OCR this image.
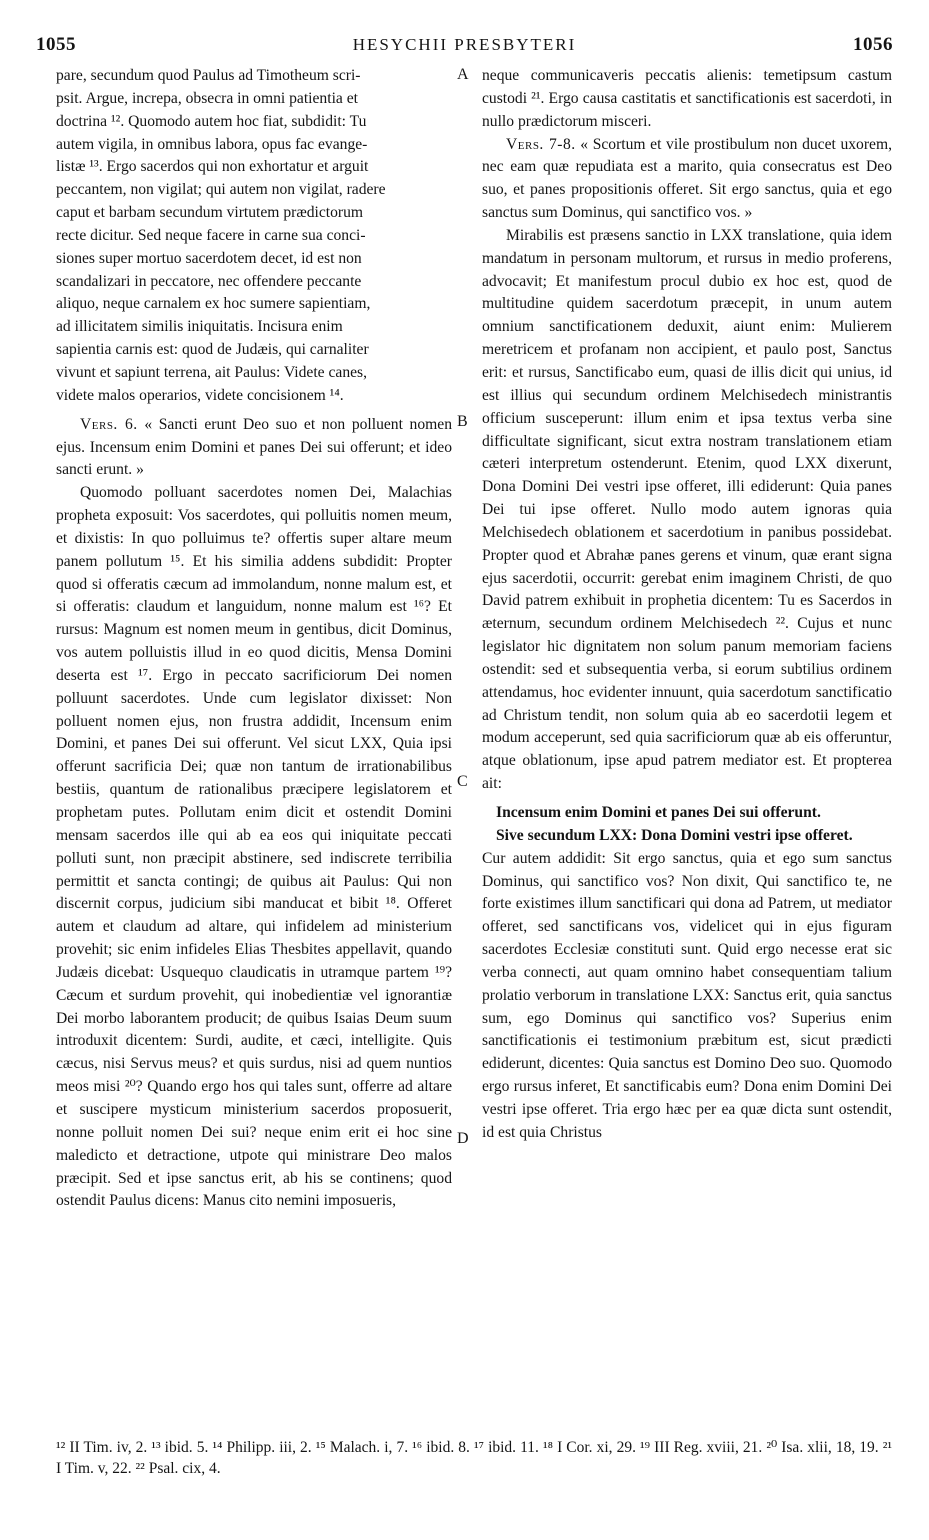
1055	HESYCHII PRESBYTERI	1056
A
B
C
D
pare, secundum quod Paulus ad Timotheum scri-
psit. Argue, increpa, obsecra in omni patientia et
doctrina ¹². Quomodo autem hoc fiat, subdidit: Tu
autem vigila, in omnibus labora, opus fac evange-
listæ ¹³. Ergo sacerdos qui non exhortatur et arguit
peccantem, non vigilat; qui autem non vigilat, radere
caput et barbam secundum virtutem prædictorum
recte dicitur. Sed neque facere in carne sua conci-
siones super mortuo sacerdotem decet, id est non
scandalizari in peccatore, nec offendere peccante
aliquo, neque carnalem ex hoc sumere sapientiam,
ad illicitatem similis iniquitatis. Incisura enim
sapientia carnis est: quod de Judæis, qui carnaliter
vivunt et sapiunt terrena, ait Paulus: Videte canes,
videte malos operarios, videte concisionem ¹⁴.

Vers. 6. « Sancti erunt Deo suo et non polluent nomen ejus. Incensum enim Domini et panes Dei sui offerunt; et ideo sancti erunt. »

Quomodo polluant sacerdotes nomen Dei, Malachias propheta exposuit: Vos sacerdotes, qui polluitis nomen meum, et dixistis: In quo polluimus te? offertis super altare meum panem pollutum ¹⁵. Et his similia addens subdidit: Propter quod si offeratis cæcum ad immolandum, nonne malum est, et si offeratis: claudum et languidum, nonne malum est ¹⁶? Et rursus: Magnum est nomen meum in gentibus, dicit Dominus, vos autem polluistis illud in eo quod dicitis, Mensa Domini deserta est ¹⁷. Ergo in peccato sacrificiorum Dei nomen polluunt sacerdotes. Unde cum legislator dixisset: Non polluent nomen ejus, non frustra addidit, Incensum enim Domini, et panes Dei sui offerunt. Vel sicut LXX, Quia ipsi offerunt sacrificia Dei; quæ non tantum de irrationabilibus bestiis, quantum de rationalibus præcipere legislatorem et prophetam putes. Pollutam enim dicit et ostendit Domini mensam sacerdos ille qui ab ea eos qui iniquitate peccati polluti sunt, non præcipit abstinere, sed indiscrete terribilia permittit et sancta contingi; de quibus ait Paulus: Qui non discernit corpus, judicium sibi manducat et bibit ¹⁸. Offeret autem et claudum ad altare, qui infidelem ad ministerium provehit; sic enim infideles Elias Thesbites appellavit, quando Judæis dicebat: Usquequo claudicatis in utramque partem ¹⁹? Cæcum et surdum provehit, qui inobedientiæ vel ignorantiæ Dei morbo laborantem producit; de quibus Isaias Deum suum introduxit dicentem: Surdi, audite, et cæci, intelligite. Quis cæcus, nisi Servus meus? et quis surdus, nisi ad quem nuntios meos misi ²⁰? Quando ergo hos qui tales sunt, offerre ad altare et suscipere mysticum ministerium sacerdos proposuerit, nonne polluit nomen Dei sui? neque enim erit ei hoc sine maledicto et detractione, utpote qui ministrare Deo malos præcipit. Sed et ipse sanctus erit, ab his se continens; quod ostendit Paulus dicens: Manus cito nemini imposueris,

neque communicaveris peccatis alienis: temetipsum castum custodi ²¹. Ergo causa castitatis et sanctificationis est sacerdoti, in nullo prædictorum misceri.

Vers. 7-8. « Scortum et vile prostibulum non ducet uxorem, nec eam quæ repudiata est a marito, quia consecratus est Deo suo, et panes propositionis offeret. Sit ergo sanctus, quia et ego sanctus sum Dominus, qui sanctifico vos. »

Mirabilis est præsens sanctio in LXX translatione, quia idem mandatum in personam multorum, et rursus in medio proferens, advocavit; Et manifestum procul dubio ex hoc est, quod de multitudine quidem sacerdotum præcepit, in unum autem omnium sanctificationem deduxit, aiunt enim: Mulierem meretricem et profanam non accipient, et paulo post, Sanctus erit: et rursus, Sanctificabo eum, quasi de illis dicit qui unius, id est illius qui secundum ordinem Melchisedech ministrantis officium susceperunt: illum enim et ipsa textus verba sine difficultate significant, sicut extra nostram translationem etiam cæteri interpretum ostenderunt. Etenim, quod LXX dixerunt, Dona Domini Dei vestri ipse offeret, illi ediderunt: Quia panes Dei tui ipse offeret. Nullo modo autem ignoras quia Melchisedech oblationem et sacerdotium in panibus possidebat. Propter quod et Abrahæ panes gerens et vinum, quæ erant signa ejus sacerdotii, occurrit: gerebat enim imaginem Christi, de quo David patrem exhibuit in prophetia dicentem: Tu es Sacerdos in æternum, secundum ordinem Melchisedech ²². Cujus et nunc legislator hic dignitatem non solum panum memoriam faciens ostendit: sed et subsequentia verba, si eorum subtilius ordinem attendamus, hoc evidenter innuunt, quia sacerdotum sanctificatio ad Christum tendit, non solum quia ab eo sacerdotii legem et modum acceperunt, sed quia sacrificiorum quæ ab eis offeruntur, atque oblationum, ipse apud patrem mediator est. Et propterea ait:

Incensum enim Domini et panes Dei sui offerunt.

Sive secundum LXX: Dona Domini vestri ipse offeret.

Cur autem addidit: Sit ergo sanctus, quia et ego sum sanctus Dominus, qui sanctifico vos? Non dixit, Qui sanctifico te, ne forte existimes illum sanctificari qui dona ad Patrem, ut mediator offeret, sed sanctificans vos, videlicet qui in ejus figuram sacerdotes Ecclesiæ constituti sunt. Quid ergo necesse erat sic verba connecti, aut quam omnino habet consequentiam talium prolatio verborum in translatione LXX: Sanctus erit, quia sanctus sum, ego Dominus qui sanctifico vos? Superius enim sanctificationis ei testimonium præbitum est, sicut prædicti ediderunt, dicentes: Quia sanctus est Domino Deo suo. Quomodo ergo rursus inferet, Et sanctificabis eum? Dona enim Domini Dei vestri ipse offeret. Tria ergo hæc per ea quæ dicta sunt ostendit, id est quia Christus

¹² II Tim. iv, 2. ¹³ ibid. 5. ¹⁴ Philipp. iii, 2. ¹⁵ Malach. i, 7. ¹⁶ ibid. 8. ¹⁷ ibid. 11. ¹⁸ I Cor. xi, 29. ¹⁹ III Reg. xviii, 21. ²⁰ Isa. xlii, 18, 19. ²¹ I Tim. v, 22. ²² Psal. cix, 4.
